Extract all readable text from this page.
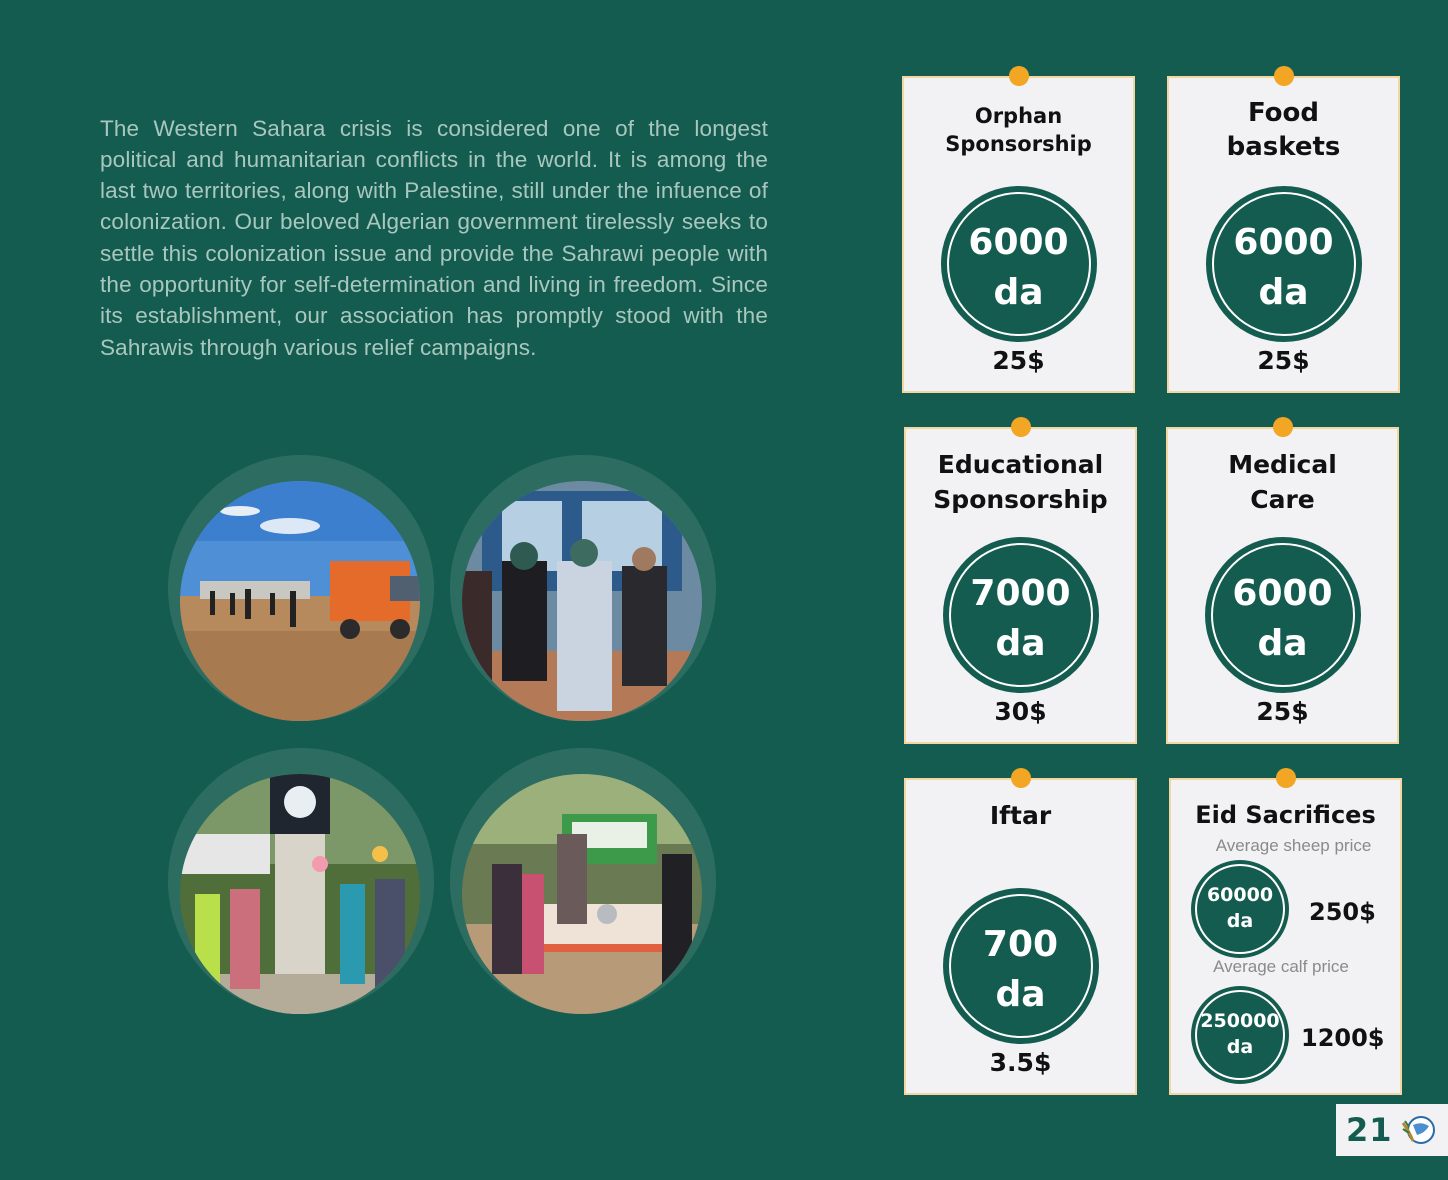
The Western Sahara crisis is considered one of the longest political and humanitarian conflicts in the world. It is among the last two territories, along with Palestine, still under the infuence of colonization. Our beloved Algerian government tirelessly seeks to settle this colonization issue and provide the Sahrawi people with the opportunity for self-determination and living in freedom. Since its establishment, our association has promptly stood with the Sahrawis through various relief campaigns.

Orphan
Sponsorship
6000
da
25$
Food
baskets
6000
da
25$
Educational
Sponsorship
7000
da
30$
Medical
Care
6000
da
25$
Iftar
700
da
3.5$
Eid Sacrifices
Average sheep price
60000
da	250$
Average calf price
250000
da	1200$
21
